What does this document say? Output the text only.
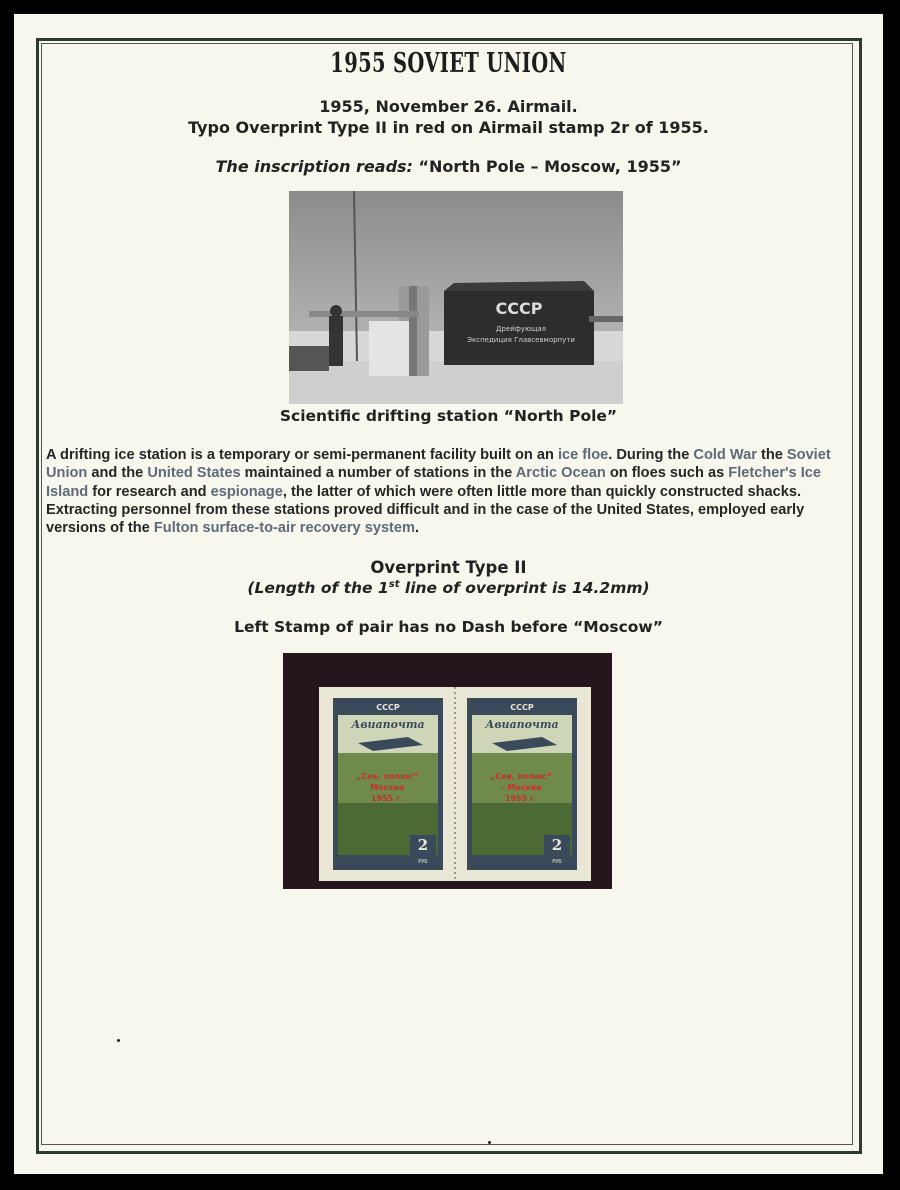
1955 SOVIET UNION
1955, November 26. Airmail.
Typo Overprint Type II in red on Airmail stamp 2r of 1955.
The inscription reads: “North Pole – Moscow, 1955”
СССР
Дрейфующая
Экспедиция Главсевморпути
Scientific drifting station “North Pole”
A drifting ice station is a temporary or semi-permanent facility built on an ice floe. During the Cold War the Soviet Union and the United States maintained a number of stations in the Arctic Ocean on floes such as Fletcher's Ice Island for research and espionage, the latter of which were often little more than quickly constructed shacks. Extracting personnel from these stations proved difficult and in the case of the United States, employed early versions of the Fulton surface-to-air recovery system.
Overprint Type II
(Length of the 1st line of overprint is 14.2mm)
Left Stamp of pair has no Dash before “Moscow”
СССР
Авиапочта
„Сев. полюс“
Москва
1955 г.
2
РУБ
СССР
Авиапочта
„Сев. полюс“
– Москва
1955 г.
2
РУБ
